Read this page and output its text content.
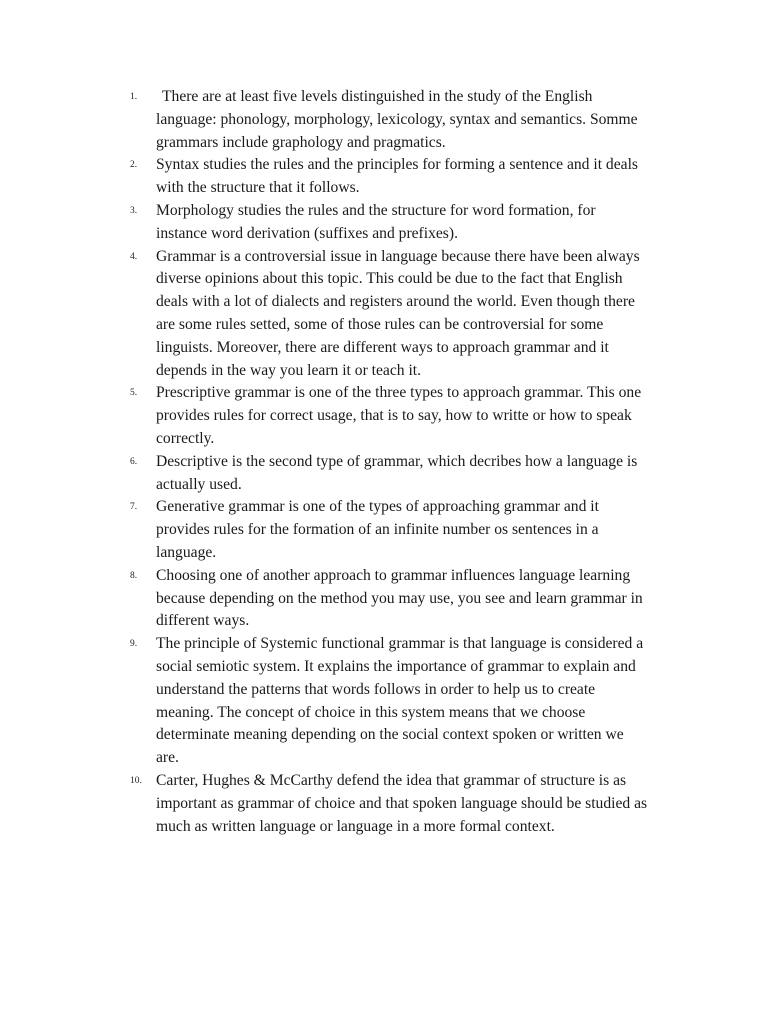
1.	There are at least five levels distinguished in the study of the English language: phonology, morphology, lexicology, syntax and semantics. Somme grammars include graphology and pragmatics.
2. Syntax studies the rules and the principles for forming a sentence and it deals with the structure that it follows.
3. Morphology studies the rules and the structure for word formation, for instance word derivation (suffixes and prefixes).
4. Grammar is a controversial issue in language because there have been always diverse opinions about this topic. This could be due to the fact that English deals with a lot of dialects and registers around the world. Even though there are some rules setted, some of those rules can be controversial for some linguists. Moreover, there are different ways to approach grammar and it depends in the way you learn it or teach it.
5. Prescriptive grammar is one of the three types to approach grammar. This one provides rules for correct usage, that is to say, how to writte or how to speak correctly.
6. Descriptive is the second type of grammar, which decribes how a language is actually used.
7. Generative grammar is one of the types of approaching grammar and it provides rules for the formation of an infinite number os sentences in a language.
8. Choosing one of another approach to grammar influences language learning because depending on the method you may use, you see and learn grammar in different ways.
9. The principle of Systemic functional grammar is that language is considered a social semiotic system. It explains the importance of grammar to explain and understand the patterns that words follows in order to help us to create meaning. The concept of choice in this system means that we choose determinate meaning depending on the social context spoken or written we are.
10. Carter, Hughes & McCarthy defend the idea that grammar of structure is as important as grammar of choice and that spoken language should be studied as much as written language or language in a more formal context.
